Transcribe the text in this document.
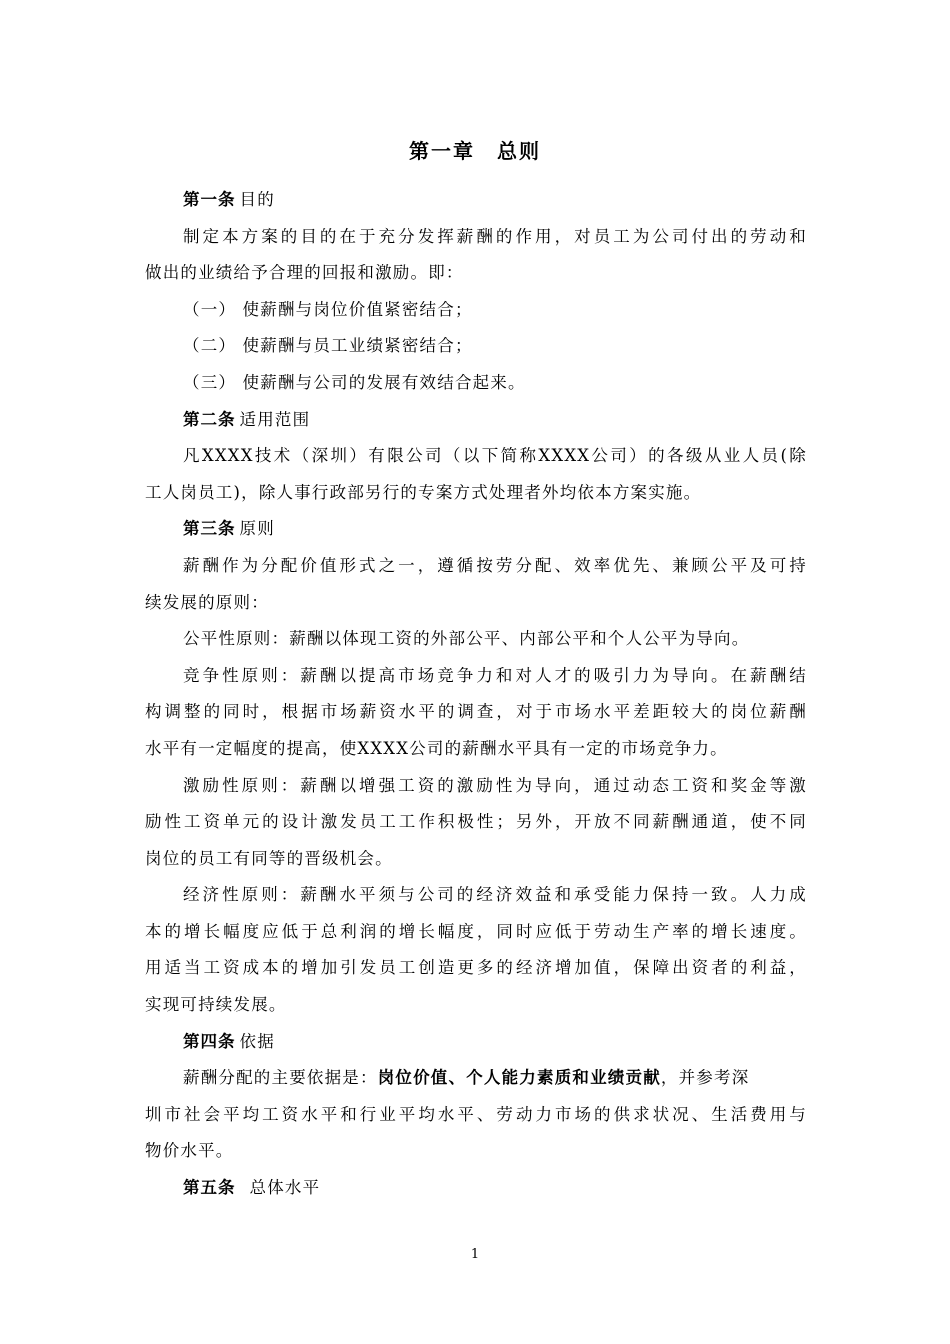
第一章　总则
第一条 目的
制定本方案的目的在于充分发挥薪酬的作用，对员工为公司付出的劳动和
做出的业绩给予合理的回报和激励。即：
（一） 使薪酬与岗位价值紧密结合；
（二） 使薪酬与员工业绩紧密结合；
（三） 使薪酬与公司的发展有效结合起来。
第二条 适用范围
凡XXXX技术（深圳）有限公司（以下简称XXXX公司）的各级从业人员(除
工人岗员工)，除人事行政部另行的专案方式处理者外均依本方案实施。
第三条 原则
薪酬作为分配价值形式之一，遵循按劳分配、效率优先、兼顾公平及可持
续发展的原则：
公平性原则：薪酬以体现工资的外部公平、内部公平和个人公平为导向。
竞争性原则：薪酬以提高市场竞争力和对人才的吸引力为导向。在薪酬结
构调整的同时，根据市场薪资水平的调查，对于市场水平差距较大的岗位薪酬
水平有一定幅度的提高，使XXXX公司的薪酬水平具有一定的市场竞争力。
激励性原则：薪酬以增强工资的激励性为导向，通过动态工资和奖金等激
励性工资单元的设计激发员工工作积极性；另外，开放不同薪酬通道，使不同
岗位的员工有同等的晋级机会。
经济性原则：薪酬水平须与公司的经济效益和承受能力保持一致。人力成
本的增长幅度应低于总利润的增长幅度，同时应低于劳动生产率的增长速度。
用适当工资成本的增加引发员工创造更多的经济增加值，保障出资者的利益，
实现可持续发展。
第四条 依据
薪酬分配的主要依据是：岗位价值、个人能力素质和业绩贡献，并参考深
圳市社会平均工资水平和行业平均水平、劳动力市场的供求状况、生活费用与
物价水平。
第五条 总体水平
1
